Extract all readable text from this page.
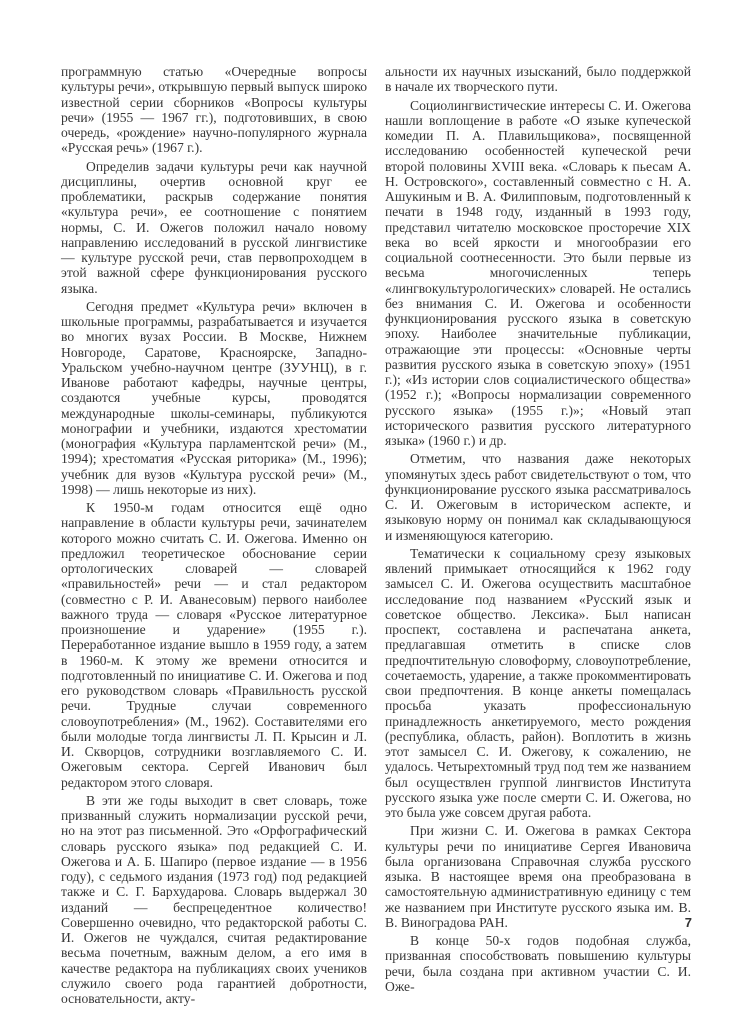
программную статью «Очередные вопросы культуры речи», открывшую первый выпуск широко известной серии сборников «Вопросы культуры речи» (1955 — 1967 гг.), подготовивших, в свою очередь, «рождение» научно-популярного журнала «Русская речь» (1967 г.).

Определив задачи культуры речи как научной дисциплины, очертив основной круг ее проблематики, раскрыв содержание понятия «культура речи», ее соотношение с понятием нормы, С. И. Ожегов положил начало новому направлению исследований в русской лингвистике — культуре русской речи, став первопроходцем в этой важной сфере функционирования русского языка.

Сегодня предмет «Культура речи» включен в школьные программы, разрабатывается и изучается во многих вузах России. В Москве, Нижнем Новгороде, Саратове, Красноярске, Западно-Уральском учебно-научном центре (ЗУУНЦ), в г. Иванове работают кафедры, научные центры, создаются учебные курсы, проводятся международные школы-семинары, публикуются монографии и учебники, издаются хрестоматии (монография «Культура парламентской речи» (М., 1994); хрестоматия «Русская риторика» (М., 1996); учебник для вузов «Культура русской речи» (М., 1998) — лишь некоторые из них).

К 1950-м годам относится ещё одно направление в области культуры речи, зачинателем которого можно считать С. И. Ожегова. Именно он предложил теоретическое обоснование серии ортологических словарей — словарей «правильностей» речи — и стал редактором (совместно с Р. И. Аванесовым) первого наиболее важного труда — словаря «Русское литературное произношение и ударение» (1955 г.). Переработанное издание вышло в 1959 году, а затем в 1960-м. К этому же времени относится и подготовленный по инициативе С. И. Ожегова и под его руководством словарь «Правильность русской речи. Трудные случаи современного словоупотребления» (М., 1962). Составителями его были молодые тогда лингвисты Л. П. Крысин и Л. И. Скворцов, сотрудники возглавляемого С. И. Ожеговым сектора. Сергей Иванович был редактором этого словаря.

В эти же годы выходит в свет словарь, тоже призванный служить нормализации русской речи, но на этот раз письменной. Это «Орфографический словарь русского языка» под редакцией С. И. Ожегова и А. Б. Шапиро (первое издание — в 1956 году), с седьмого издания (1973 год) под редакцией также и С. Г. Бархударова. Словарь выдержал 30 изданий — беспрецедентное количество! Совершенно очевидно, что редакторской работы С. И. Ожегов не чуждался, считая редактирование весьма почетным, важным делом, а его имя в качестве редактора на публикациях своих учеников служило своего рода гарантией добротности, основательности, акту-

альности их научных изысканий, было поддержкой в начале их творческого пути.

Социолингвистические интересы С. И. Ожегова нашли воплощение в работе «О языке купеческой комедии П. А. Плавильщикова», посвященной исследованию особенностей купеческой речи второй половины XVIII века. «Словарь к пьесам А. Н. Островского», составленный совместно с Н. А. Ашукиным и В. А. Филипповым, подготовленный к печати в 1948 году, изданный в 1993 году, представил читателю московское просторечие XIX века во всей яркости и многообразии его социальной соотнесенности. Это были первые из весьма многочисленных теперь «лингвокультурологических» словарей. Не остались без внимания С. И. Ожегова и особенности функционирования русского языка в советскую эпоху. Наиболее значительные публикации, отражающие эти процессы: «Основные черты развития русского языка в советскую эпоху» (1951 г.); «Из истории слов социалистического общества» (1952 г.); «Вопросы нормализации современного русского языка» (1955 г.)»; «Новый этап исторического развития русского литературного языка» (1960 г.) и др.

Отметим, что названия даже некоторых упомянутых здесь работ свидетельствуют о том, что функционирование русского языка рассматривалось С. И. Ожеговым в историческом аспекте, и языковую норму он понимал как складывающуюся и изменяющуюся категорию.

Тематически к социальному срезу языковых явлений примыкает относящийся к 1962 году замысел С. И. Ожегова осуществить масштабное исследование под названием «Русский язык и советское общество. Лексика». Был написан проспект, составлена и распечатана анкета, предлагавшая отметить в списке слов предпочтительную словоформу, словоупотребление, сочетаемость, ударение, а также прокомментировать свои предпочтения. В конце анкеты помещалась просьба указать профессиональную принадлежность анкетируемого, место рождения (республика, область, район). Воплотить в жизнь этот замысел С. И. Ожегову, к сожалению, не удалось. Четырехтомный труд под тем же названием был осуществлен группой лингвистов Института русского языка уже после смерти С. И. Ожегова, но это была уже совсем другая работа.

При жизни С. И. Ожегова в рамках Сектора культуры речи по инициативе Сергея Ивановича была организована Справочная служба русского языка. В настоящее время она преобразована в самостоятельную административную единицу с тем же названием при Институте русского языка им. В. В. Виноградова РАН.

В конце 50-х годов подобная служба, призванная способствовать повышению культуры речи, была создана при активном участии С. И. Оже-

7
